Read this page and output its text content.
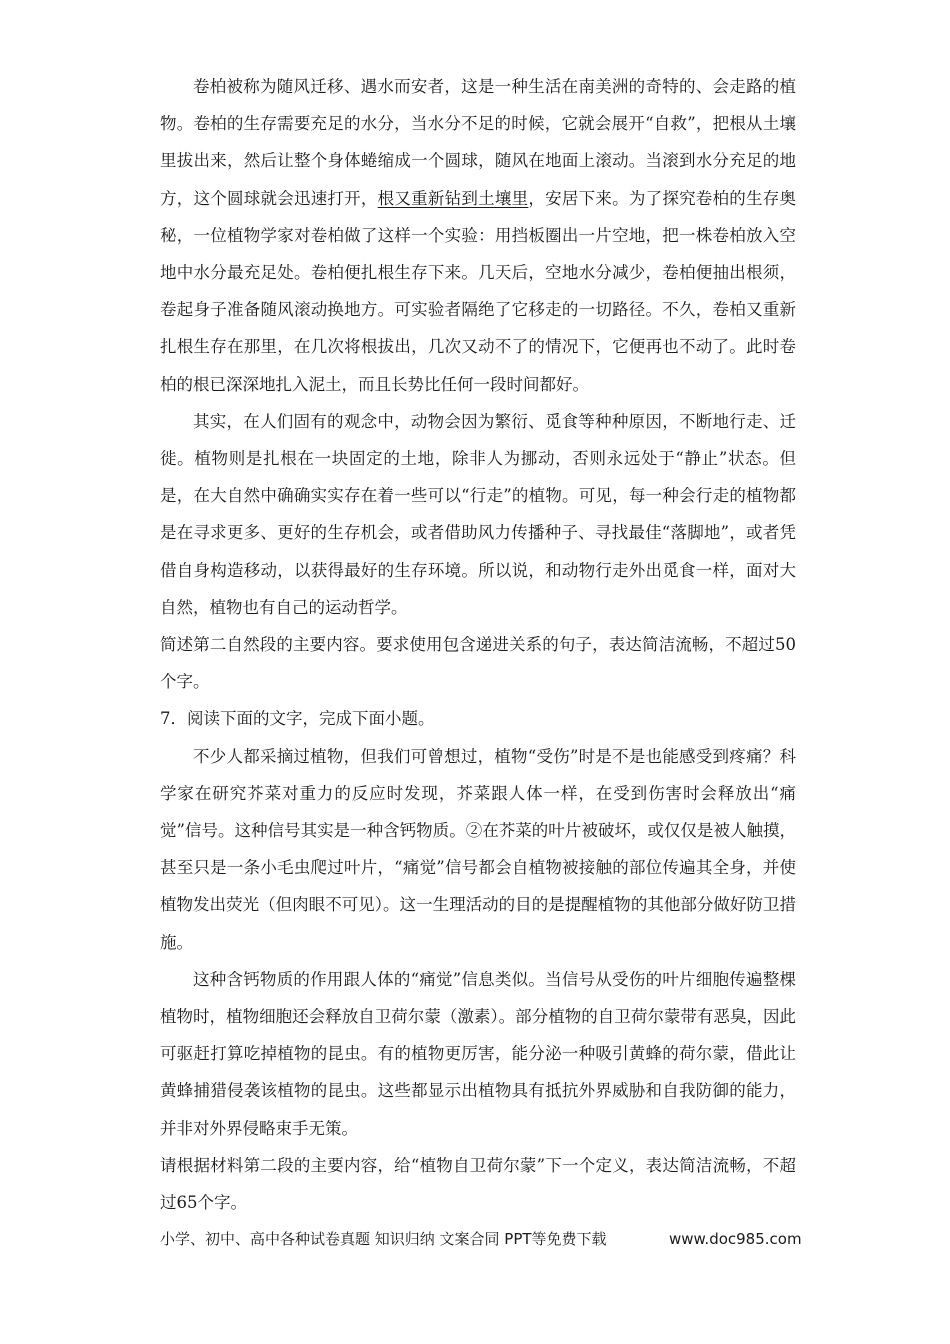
卷柏被称为随风迁移、遇水而安者，这是一种生活在南美洲的奇特的、会走路的植物。卷柏的生存需要充足的水分，当水分不足的时候，它就会展开“自救”，把根从土壤里拔出来，然后让整个身体蜷缩成一个圆球，随风在地面上滚动。当滚到水分充足的地方，这个圆球就会迅速打开，根又重新钻到土壤里，安居下来。为了探究卷柏的生存奥秘，一位植物学家对卷柏做了这样一个实验：用挡板圈出一片空地，把一株卷柏放入空地中水分最充足处。卷柏便扎根生存下来。几天后，空地水分减少，卷柏便抽出根须，卷起身子准备随风滚动换地方。可实验者隔绝了它移走的一切路径。不久，卷柏又重新扎根生存在那里，在几次将根拔出，几次又动不了的情况下，它便再也不动了。此时卷柏的根已深深地扎入泥土，而且长势比任何一段时间都好。

其实，在人们固有的观念中，动物会因为繁衍、觅食等种种原因，不断地行走、迁徙。植物则是扎根在一块固定的土地，除非人为挪动，否则永远处于“静止”状态。但是，在大自然中确确实实存在着一些可以“行走”的植物。可见，每一种会行走的植物都是在寻求更多、更好的生存机会，或者借助风力传播种子、寻找最佳“落脚地”，或者凭借自身构造移动，以获得最好的生存环境。所以说，和动物行走外出觅食一样，面对大自然，植物也有自己的运动哲学。

简述第二自然段的主要内容。要求使用包含递进关系的句子，表达简洁流畅，不超过50个字。

7．阅读下面的文字，完成下面小题。

不少人都采摘过植物，但我们可曾想过，植物“受伤”时是不是也能感受到疼痛？科学家在研究芥菜对重力的反应时发现，芥菜跟人体一样，在受到伤害时会释放出“痛觉”信号。这种信号其实是一种含钙物质。②在芥菜的叶片被破坏，或仅仅是被人触摸，甚至只是一条小毛虫爬过叶片，“痛觉”信号都会自植物被接触的部位传遍其全身，并使植物发出荧光（但肉眼不可见）。这一生理活动的目的是提醒植物的其他部分做好防卫措施。

这种含钙物质的作用跟人体的“痛觉”信息类似。当信号从受伤的叶片细胞传遍整棵植物时，植物细胞还会释放自卫荷尔蒙（激素）。部分植物的自卫荷尔蒙带有恶臭，因此可驱赶打算吃掉植物的昆虫。有的植物更厉害，能分泌一种吸引黄蜂的荷尔蒙，借此让黄蜂捕猎侵袭该植物的昆虫。这些都显示出植物具有抵抗外界威胁和自我防御的能力，并非对外界侵略束手无策。

请根据材料第二段的主要内容，给“植物自卫荷尔蒙”下一个定义，表达简洁流畅，不超过65个字。

小学、初中、高中各种试卷真题 知识归纳 文案合同 PPT等免费下载	www.doc985.com
